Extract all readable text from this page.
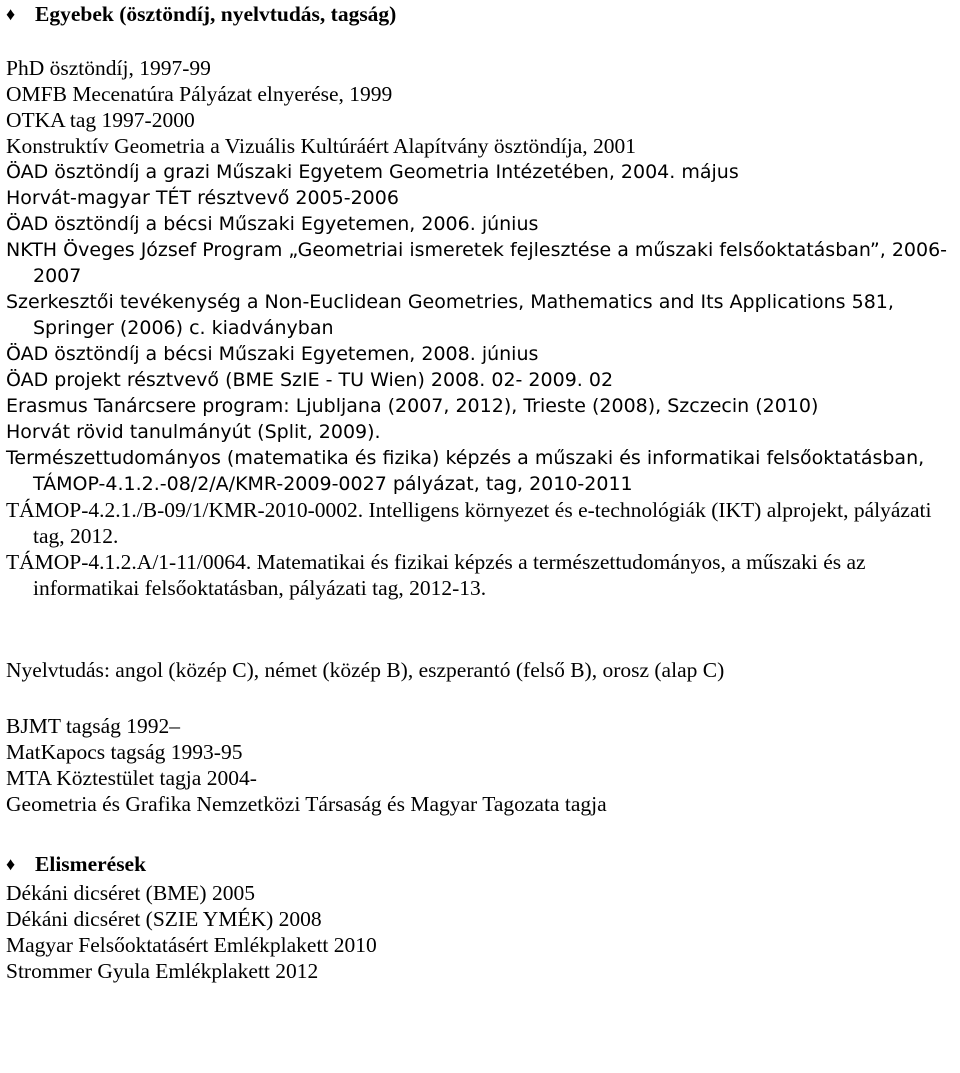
♦ Egyebek (ösztöndíj, nyelvtudás, tagság)

PhD ösztöndíj, 1997-99

OMFB Mecenatúra Pályázat elnyerése, 1999

OTKA tag 1997-2000

Konstruktív Geometria a Vizuális Kultúráért Alapítvány ösztöndíja, 2001

ÖAD ösztöndíj a grazi Műszaki Egyetem Geometria Intézetében, 2004. május

Horvát-magyar TÉT résztvevő 2005-2006

ÖAD ösztöndíj a bécsi Műszaki Egyetemen, 2006. június

NKTH Öveges József Program „Geometriai ismeretek fejlesztése a műszaki felsőoktatásban”, 2006-2007

Szerkesztői tevékenység a Non-Euclidean Geometries, Mathematics and Its Applications 581, Springer (2006) c. kiadványban

ÖAD ösztöndíj a bécsi Műszaki Egyetemen, 2008. június

ÖAD projekt résztvevő (BME SzIE - TU Wien) 2008. 02- 2009. 02

Erasmus Tanárcsere program: Ljubljana (2007, 2012), Trieste (2008), Szczecin (2010)

Horvát rövid tanulmányút (Split, 2009).

Természettudományos (matematika és fizika) képzés a műszaki és informatikai felsőoktatásban, TÁMOP-4.1.2.-08/2/A/KMR-2009-0027 pályázat, tag, 2010-2011

TÁMOP-4.2.1./B-09/1/KMR-2010-0002. Intelligens környezet és e-technológiák (IKT) alprojekt, pályázati tag, 2012.

TÁMOP-4.1.2.A/1-11/0064. Matematikai és fizikai képzés a természettudományos, a műszaki és az informatikai felsőoktatásban, pályázati tag, 2012-13.

Nyelvtudás: angol (közép C), német (közép B), eszperantó (felső B), orosz (alap C)

BJMT tagság 1992–

MatKapocs tagság 1993-95

MTA Köztestület tagja 2004-

Geometria és Grafika Nemzetközi Társaság és Magyar Tagozata tagja

♦ Elismerések

Dékáni dicséret (BME) 2005

Dékáni dicséret (SZIE YMÉK) 2008

Magyar Felsőoktatásért Emlékplakett 2010

Strommer Gyula Emlékplakett 2012
